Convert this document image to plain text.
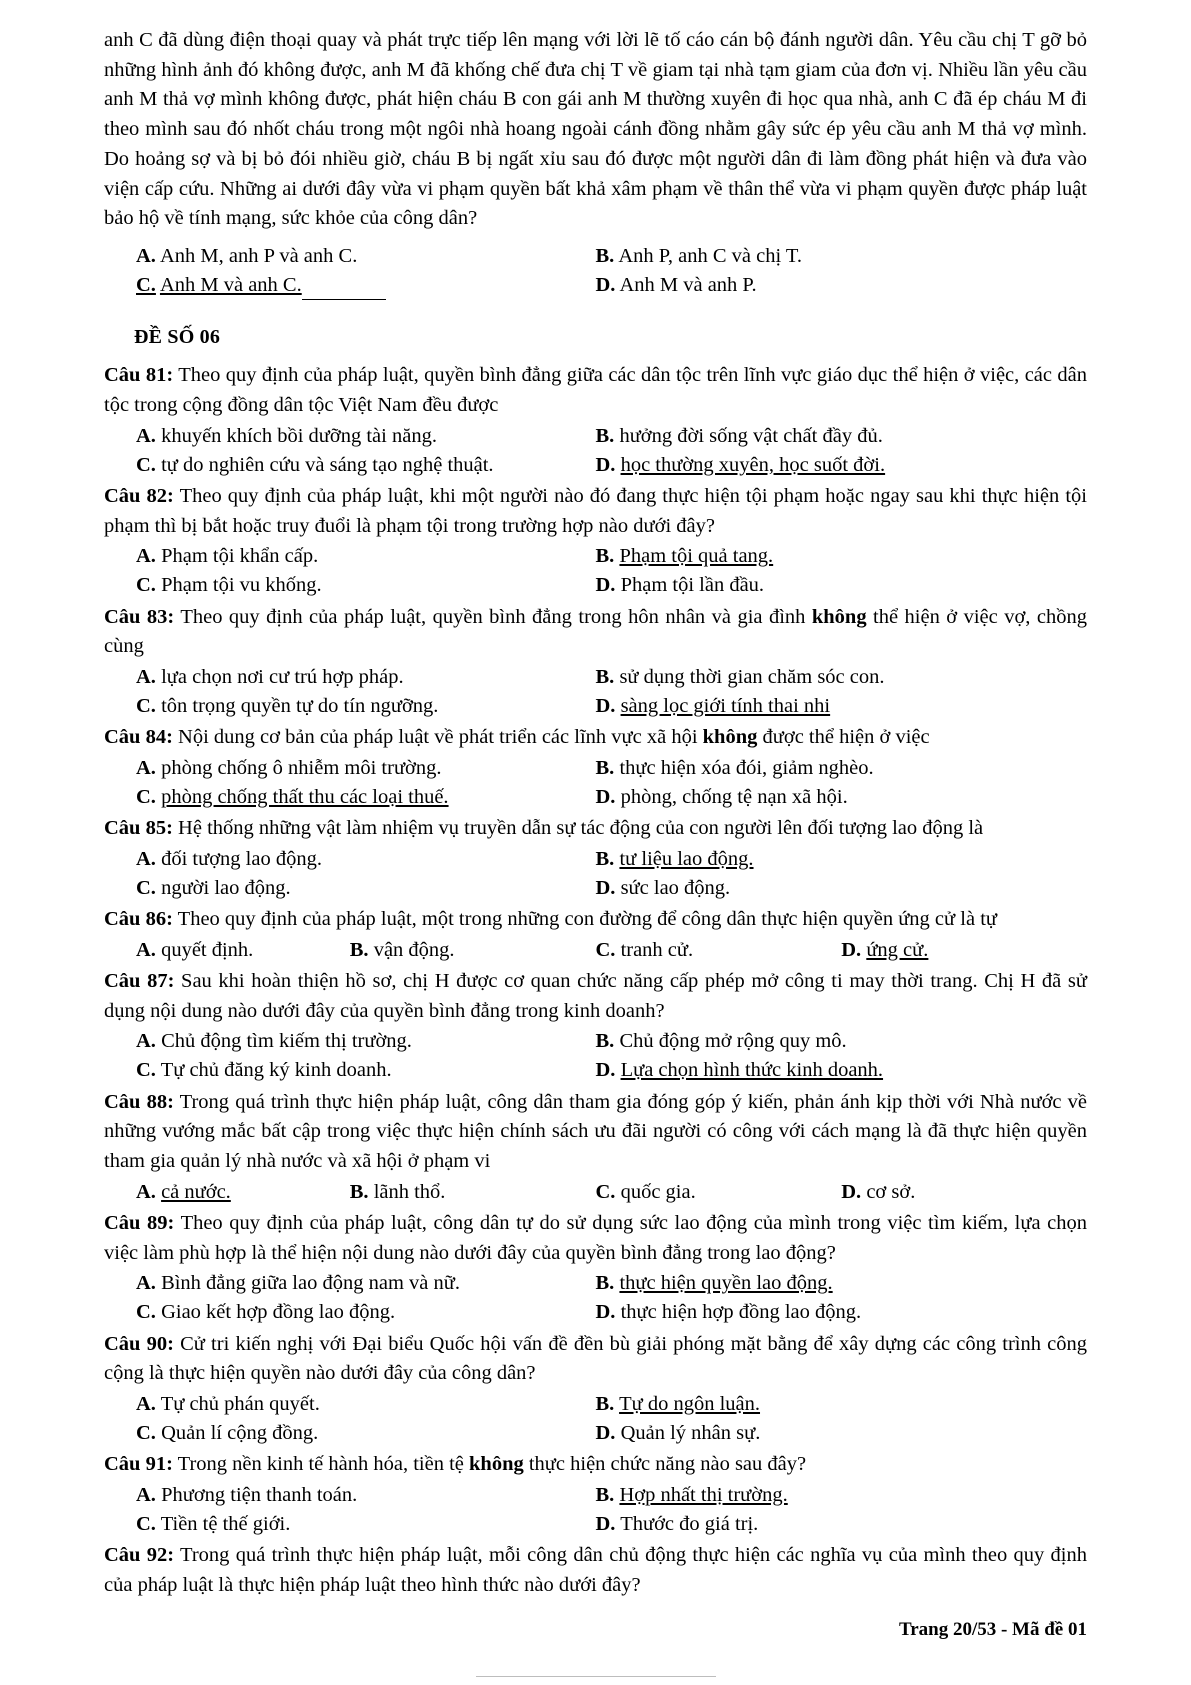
anh C đã dùng điện thoại quay và phát trực tiếp lên mạng với lời lẽ tố cáo cán bộ đánh người dân. Yêu cầu chị T gỡ bỏ những hình ảnh đó không được, anh M đã khống chế đưa chị T về giam tại nhà tạm giam của đơn vị. Nhiều lần yêu cầu anh M thả vợ mình không được, phát hiện cháu B con gái anh M thường xuyên đi học qua nhà, anh C đã ép cháu M đi theo mình sau đó nhốt cháu trong một ngôi nhà hoang ngoài cánh đồng nhằm gây sức ép yêu cầu anh M thả vợ mình. Do hoảng sợ và bị bỏ đói nhiều giờ, cháu B bị ngất xỉu sau đó được một người dân đi làm đồng phát hiện và đưa vào viện cấp cứu. Những ai dưới đây vừa vi phạm quyền bất khả xâm phạm về thân thể vừa vi phạm quyền được pháp luật bảo hộ về tính mạng, sức khỏe của công dân?

A. Anh M, anh P và anh C.	B. Anh P, anh C và chị T.
C. Anh M và anh C.	D. Anh M và anh P.
ĐỀ SỐ 06

Câu 81: Theo quy định của pháp luật, quyền bình đẳng giữa các dân tộc trên lĩnh vực giáo dục thể hiện ở việc, các dân tộc trong cộng đồng dân tộc Việt Nam đều được

A. khuyến khích bồi dưỡng tài năng.	B. hưởng đời sống vật chất đầy đủ.
C. tự do nghiên cứu và sáng tạo nghệ thuật.	D. học thường xuyên, học suốt đời.

Câu 82: Theo quy định của pháp luật, khi một người nào đó đang thực hiện tội phạm hoặc ngay sau khi thực hiện tội phạm thì bị bắt hoặc truy đuổi là phạm tội trong trường hợp nào dưới đây?

A. Phạm tội khẩn cấp.	B. Phạm tội quả tang.
C. Phạm tội vu khống.	D. Phạm tội lần đầu.

Câu 83: Theo quy định của pháp luật, quyền bình đẳng trong hôn nhân và gia đình không thể hiện ở việc vợ, chồng cùng

A. lựa chọn nơi cư trú hợp pháp.	B. sử dụng thời gian chăm sóc con.
C. tôn trọng quyền tự do tín ngưỡng.	D. sàng lọc giới tính thai nhi

Câu 84: Nội dung cơ bản của pháp luật về phát triển các lĩnh vực xã hội không được thể hiện ở việc

A. phòng chống ô nhiễm môi trường.	B. thực hiện xóa đói, giảm nghèo.
C. phòng chống thất thu các loại thuế.	D. phòng, chống tệ nạn xã hội.

Câu 85: Hệ thống những vật làm nhiệm vụ truyền dẫn sự tác động của con người lên đối tượng lao động là

A. đối tượng lao động.	B. tư liệu lao động.
C. người lao động.	D. sức lao động.

Câu 86: Theo quy định của pháp luật, một trong những con đường để công dân thực hiện quyền ứng cử là tự

A. quyết định.	B. vận động.	C. tranh cử.	D. ứng cử.

Câu 87: Sau khi hoàn thiện hồ sơ, chị H được cơ quan chức năng cấp phép mở công ti may thời trang. Chị H đã sử dụng nội dung nào dưới đây của quyền bình đẳng trong kinh doanh?

A. Chủ động tìm kiếm thị trường.	B. Chủ động mở rộng quy mô.
C. Tự chủ đăng ký kinh doanh.	D. Lựa chọn hình thức kinh doanh.

Câu 88: Trong quá trình thực hiện pháp luật, công dân tham gia đóng góp ý kiến, phản ánh kịp thời với Nhà nước về những vướng mắc bất cập trong việc thực hiện chính sách ưu đãi người có công với cách mạng là đã thực hiện quyền tham gia quản lý nhà nước và xã hội ở phạm vi

A. cả nước.	B. lãnh thổ.	C. quốc gia.	D. cơ sở.

Câu 89: Theo quy định của pháp luật, công dân tự do sử dụng sức lao động của mình trong việc tìm kiếm, lựa chọn việc làm phù hợp là thể hiện nội dung nào dưới đây của quyền bình đẳng trong lao động?

A. Bình đẳng giữa lao động nam và nữ.	B. thực hiện quyền lao động.
C. Giao kết hợp đồng lao động.	D. thực hiện hợp đồng lao động.

Câu 90: Cử tri kiến nghị với Đại biểu Quốc hội vấn đề đền bù giải phóng mặt bằng để xây dựng các công trình công cộng là thực hiện quyền nào dưới đây của công dân?

A. Tự chủ phán quyết.	B. Tự do ngôn luận.
C. Quản lí cộng đồng.	D. Quản lý nhân sự.

Câu 91: Trong nền kinh tế hành hóa, tiền tệ không thực hiện chức năng nào sau đây?

A. Phương tiện thanh toán.	B. Hợp nhất thị trường.
C. Tiền tệ thế giới.	D. Thước đo giá trị.

Câu 92: Trong quá trình thực hiện pháp luật, mỗi công dân chủ động thực hiện các nghĩa vụ của mình theo quy định của pháp luật là thực hiện pháp luật theo hình thức nào dưới đây?

Trang 20/53 - Mã đề 01
